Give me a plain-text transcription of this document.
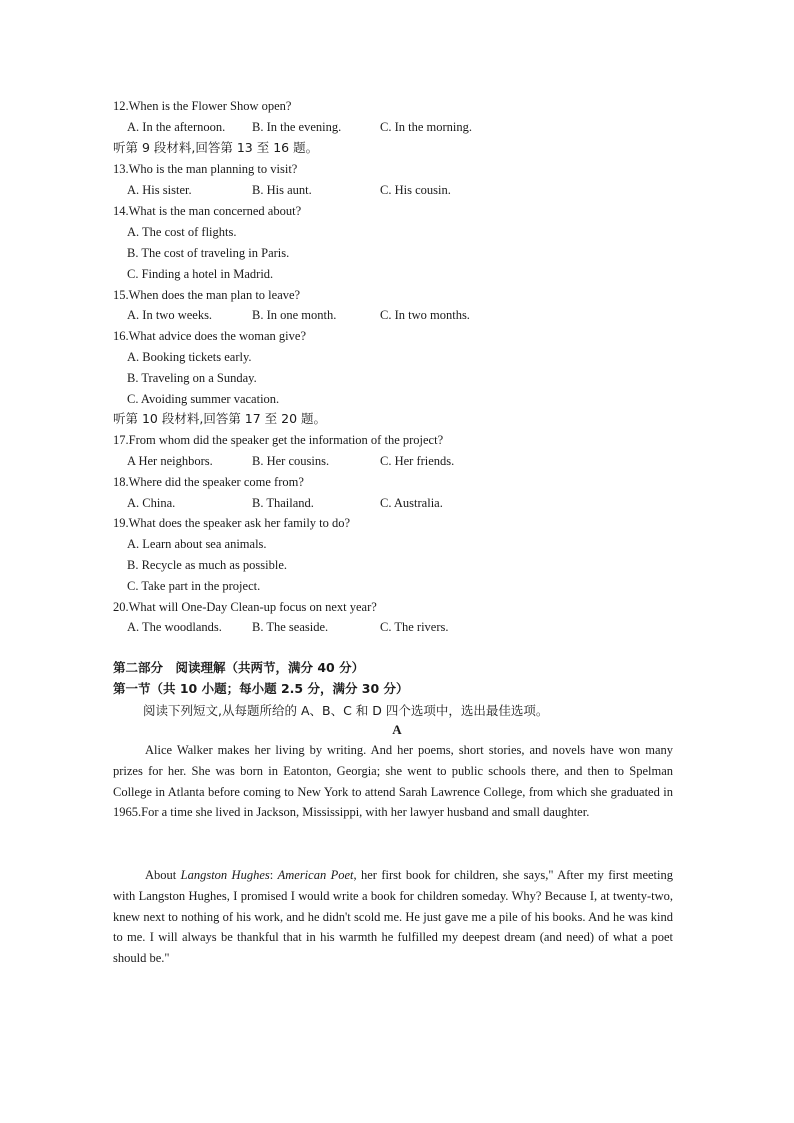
12.When is the Flower Show open?
A. In the afternoon. B. In the evening.	C. In the morning.
听第 9 段材料,回答第 13 至 16 题。
13.Who is the man planning to visit?
A. His sister.	B. His aunt.	C. His cousin.
14.What is the man concerned about?
A. The cost of flights.
B. The cost of traveling in Paris.
C. Finding a hotel in Madrid.
15.When does the man plan to leave?
A. In two weeks.	B. In one month.	C. In two months.
16.What advice does the woman give?
A. Booking tickets early.
B. Traveling on a Sunday.
C. Avoiding summer vacation.
听第 10 段材料,回答第 17 至 20 题。
17.From whom did the speaker get the information of the project?
A Her neighbors.	B. Her cousins.	C. Her friends.
18.Where did the speaker come from?
A. China.	B. Thailand.	C. Australia.
19.What does the speaker ask her family to do?
A. Learn about sea animals.
B. Recycle as much as possible.
C. Take part in the project.
20.What will One-Day Clean-up focus on next year?
A. The woodlands. B. The seaside.	C. The rivers.
第二部分　阅读理解（共两节，满分 40 分）
第一节（共 10 小题；每小题 2.5 分，满分 30 分）
阅读下列短文,从每题所给的 A、B、C 和 D 四个选项中，选出最佳选项。
A

Alice Walker makes her living by writing. And her poems, short stories, and novels have won many prizes for her. She was born in Eatonton, Georgia; she went to public schools there, and then to Spelman College in Atlanta before coming to New York to attend Sarah Lawrence College, from which she graduated in 1965.For a time she lived in Jackson, Mississippi, with her lawyer husband and small daughter.

About Langston Hughes: American Poet, her first book for children, she says," After my first meeting with Langston Hughes, I promised I would write a book for children someday. Why? Because I, at twenty-two, knew next to nothing of his work, and he didn't scold me. He just gave me a pile of his books. And he was kind to me. I will always be thankful that in his warmth he fulfilled my deepest dream (and need) of what a poet should be."
